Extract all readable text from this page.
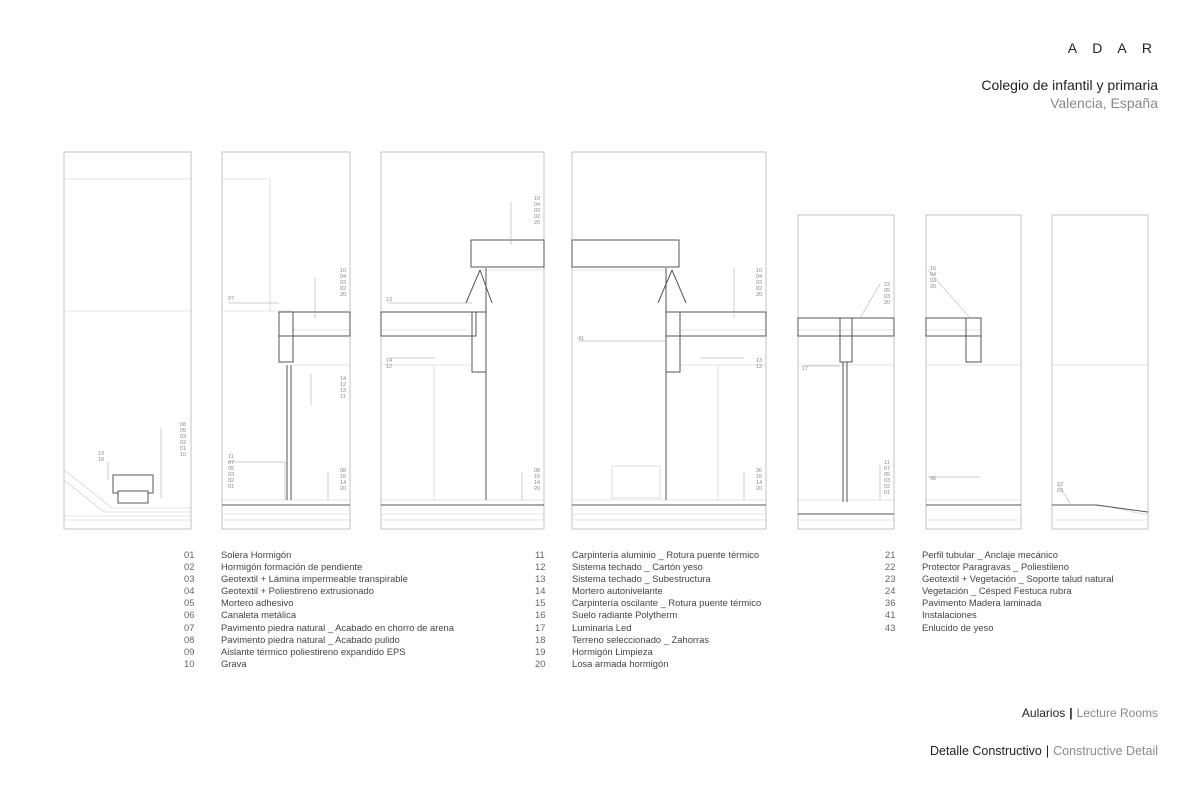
A D A R
Colegio de infantil y primaria
Valencia, España
08
05
03
02
01
10
13
18
10
04
03
02
20
14
12
13
11
08
16
14
20
11
07
05
03
02
01
07
10
04
03
02
20
13
14
12
08
16
14
20
10
04
03
02
20
41
13
12
36
16
14
20
22
05
03
20
17
11
07
05
03
02
01
16
04
03
20
06
22
03
01	Solera Hormigón
02	Hormigón formación de pendiente
03	Geotextil + Lámina impermeable transpirable
04	Geotextil + Poliestireno extrusionado
05	Mortero adhesivo
06	Canaleta metálica
07	Pavimento piedra natural _ Acabado en chorro de arena
08	Pavimento piedra natural _ Acabado pulido
09	Aislante térmico poliestireno expandido EPS
10	Grava
11	Carpintería aluminio _ Rotura puente térmico
12	Sistema techado _ Cartón yeso
13	Sistema techado _ Subestructura
14	Mortero autonivelante
15	Carpintería oscilante _ Rotura puente térmico
16	Suelo radiante Polytherm
17	Luminaria Led
18	Terreno seleccionado _ Zahorras
19	Hormigón Limpieza
20	Losa armada hormigón
21	Perfil tubular _ Anclaje mecánico
22	Protector Paragravas _ Poliestileno
23	Geotextil + Vegetación _ Soporte talud natural
24	Vegetación _ Césped Festuca rubra
36	Pavimento Madera laminada
41	Instalaciones
43	Enlucido de yeso
Aularios | Lecture Rooms
Detalle Constructivo | Constructive Detail
